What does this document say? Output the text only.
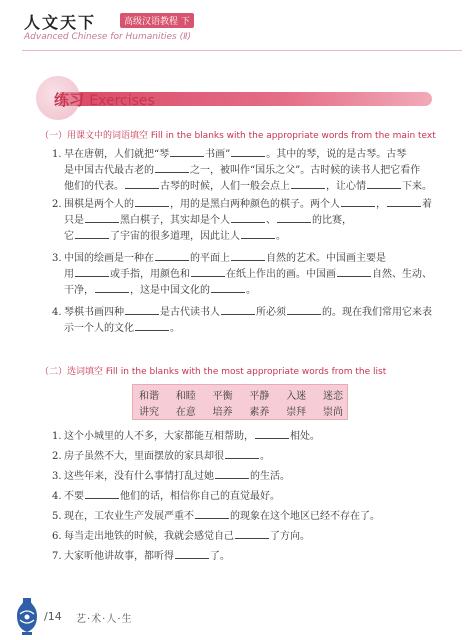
人文天下	高级汉语教程 下
Advanced Chinese for Humanities (Ⅱ)
练习 Exercises
（一）用课文中的词语填空 Fill in the blanks with the appropriate words from the main text
1. 早在唐朝，人们就把“琴	书画”	。其中的琴，说的是古琴。古琴
是中国古代最古老的	之一，被叫作“国乐之父”。古时候的读书人把它看作
他们的代表。	古琴的时候，人们一般会点上	，让心情	下来。
2. 围棋是两个人的	，用的是黑白两种颜色的棋子。两个人	，	着
只是	黑白棋子，其实却是个人	、	的比赛，
它	了宇宙的很多道理，因此让人	。
3. 中国的绘画是一种在	的平面上	自然的艺术。中国画主要是
用	或手指，用颜色和	在纸上作出的画。中国画	自然、生动、
干净，	，这是中国文化的	。
4. 琴棋书画四种	是古代读书人	所必须	的。现在我们常用它来表
示一个人的文化	。
（二）选词填空 Fill in the blanks with the most appropriate words from the list
和谐 和睦 平衡 平静 入迷 迷恋
讲究 在意 培养 素养 崇拜 崇尚
1. 这个小城里的人不多，大家都能互相帮助，	相处。
2. 房子虽然不大，里面摆放的家具却很	。
3. 这些年来，没有什么事情打乱过她	的生活。
4. 不要	他们的话，相信你自己的直觉最好。
5. 现在，工农业生产发展严重不	的现象在这个地区已经不存在了。
6. 每当走出地铁的时候，我就会感觉自己	了方向。
7. 大家听他讲故事，都听得	了。
/14 艺·术·人·生
